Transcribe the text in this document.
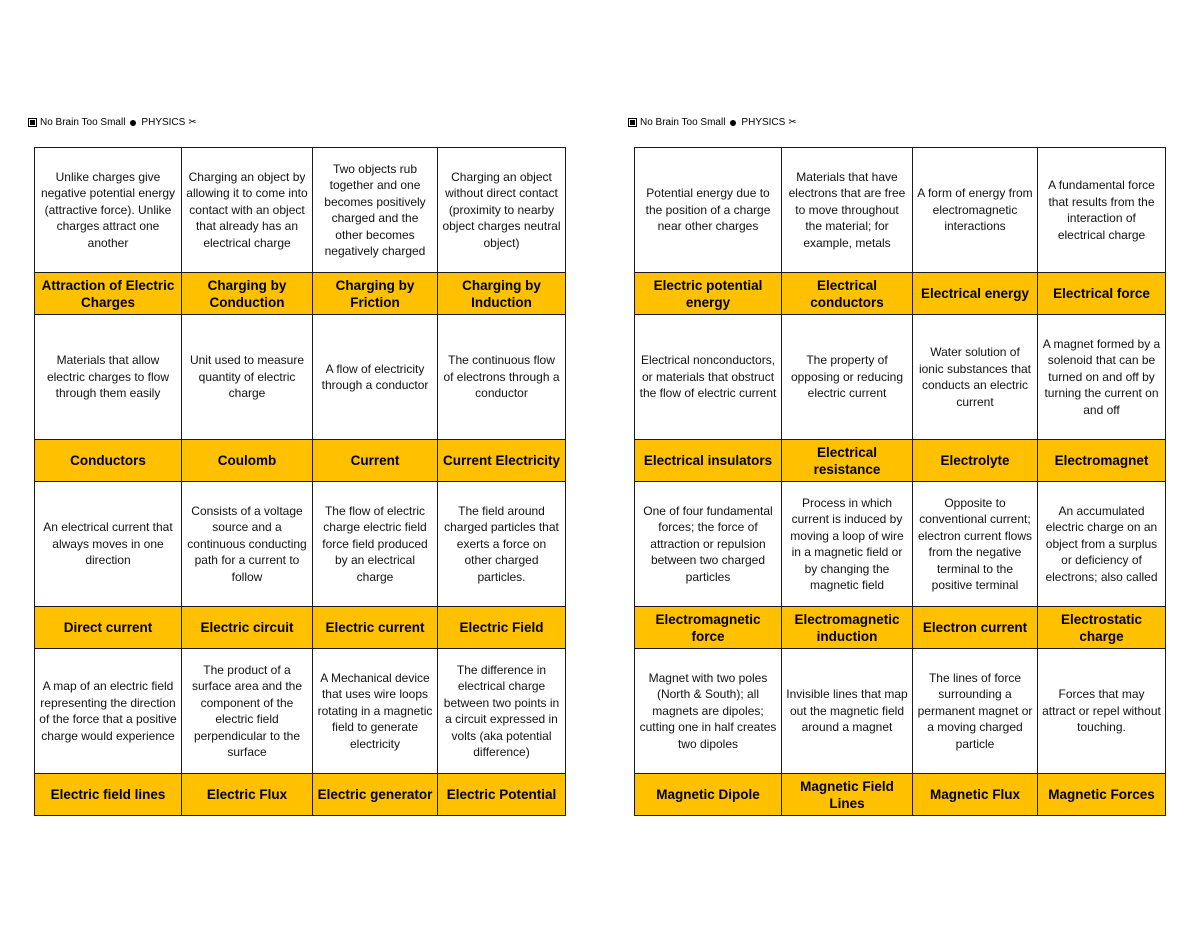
No Brain Too Small PHYSICS ✂
Unlike charges give negative potential energy (attractive force). Unlike charges attract one another	Charging an object by allowing it to come into contact with an object that already has an electrical charge	Two objects rub together and one becomes positively charged and the other becomes negatively charged	Charging an object without direct contact (proximity to nearby object charges neutral object)
Attraction of Electric Charges	Charging by Conduction	Charging by Friction	Charging by Induction
Materials that allow electric charges to flow through them easily	Unit used to measure quantity of electric charge	A flow of electricity through a conductor	The continuous flow of electrons through a conductor
Conductors	Coulomb	Current	Current Electricity
An electrical current that always moves in one direction	Consists of a voltage source and a continuous conducting path for a current to follow	The flow of electric charge electric field force field produced by an electrical charge	The field around charged particles that exerts a force on other charged particles.
Direct current	Electric circuit	Electric current	Electric Field
A map of an electric field representing the direction of the force that a positive charge would experience	The product of a surface area and the component of the electric field perpendicular to the surface	A Mechanical device that uses wire loops rotating in a magnetic field to generate electricity	The difference in electrical charge between two points in a circuit expressed in volts (aka potential difference)
Electric field lines	Electric Flux	Electric generator	Electric Potential
No Brain Too Small PHYSICS ✂
Potential energy due to the position of a charge near other charges	Materials that have electrons that are free to move throughout the material; for example, metals	A form of energy from electromagnetic interactions	A fundamental force that results from the interaction of electrical charge
Electric potential energy	Electrical conductors	Electrical energy	Electrical force
Electrical nonconductors, or materials that obstruct the flow of electric current	The property of opposing or reducing electric current	Water solution of ionic substances that conducts an electric current	A magnet formed by a solenoid that can be turned on and off by turning the current on and off
Electrical insulators	Electrical resistance	Electrolyte	Electromagnet
One of four fundamental forces; the force of attraction or repulsion between two charged particles	Process in which current is induced by moving a loop of wire in a magnetic field or by changing the magnetic field	Opposite to conventional current; electron current flows from the negative terminal to the positive terminal	An accumulated electric charge on an object from a surplus or deficiency of electrons; also called
Electromagnetic force	Electromagnetic induction	Electron current	Electrostatic charge
Magnet with two poles (North & South); all magnets are dipoles; cutting one in half creates two dipoles	Invisible lines that map out the magnetic field around a magnet	The lines of force surrounding a permanent magnet or a moving charged particle	Forces that may attract or repel without touching.
Magnetic Dipole	Magnetic Field Lines	Magnetic Flux	Magnetic Forces
